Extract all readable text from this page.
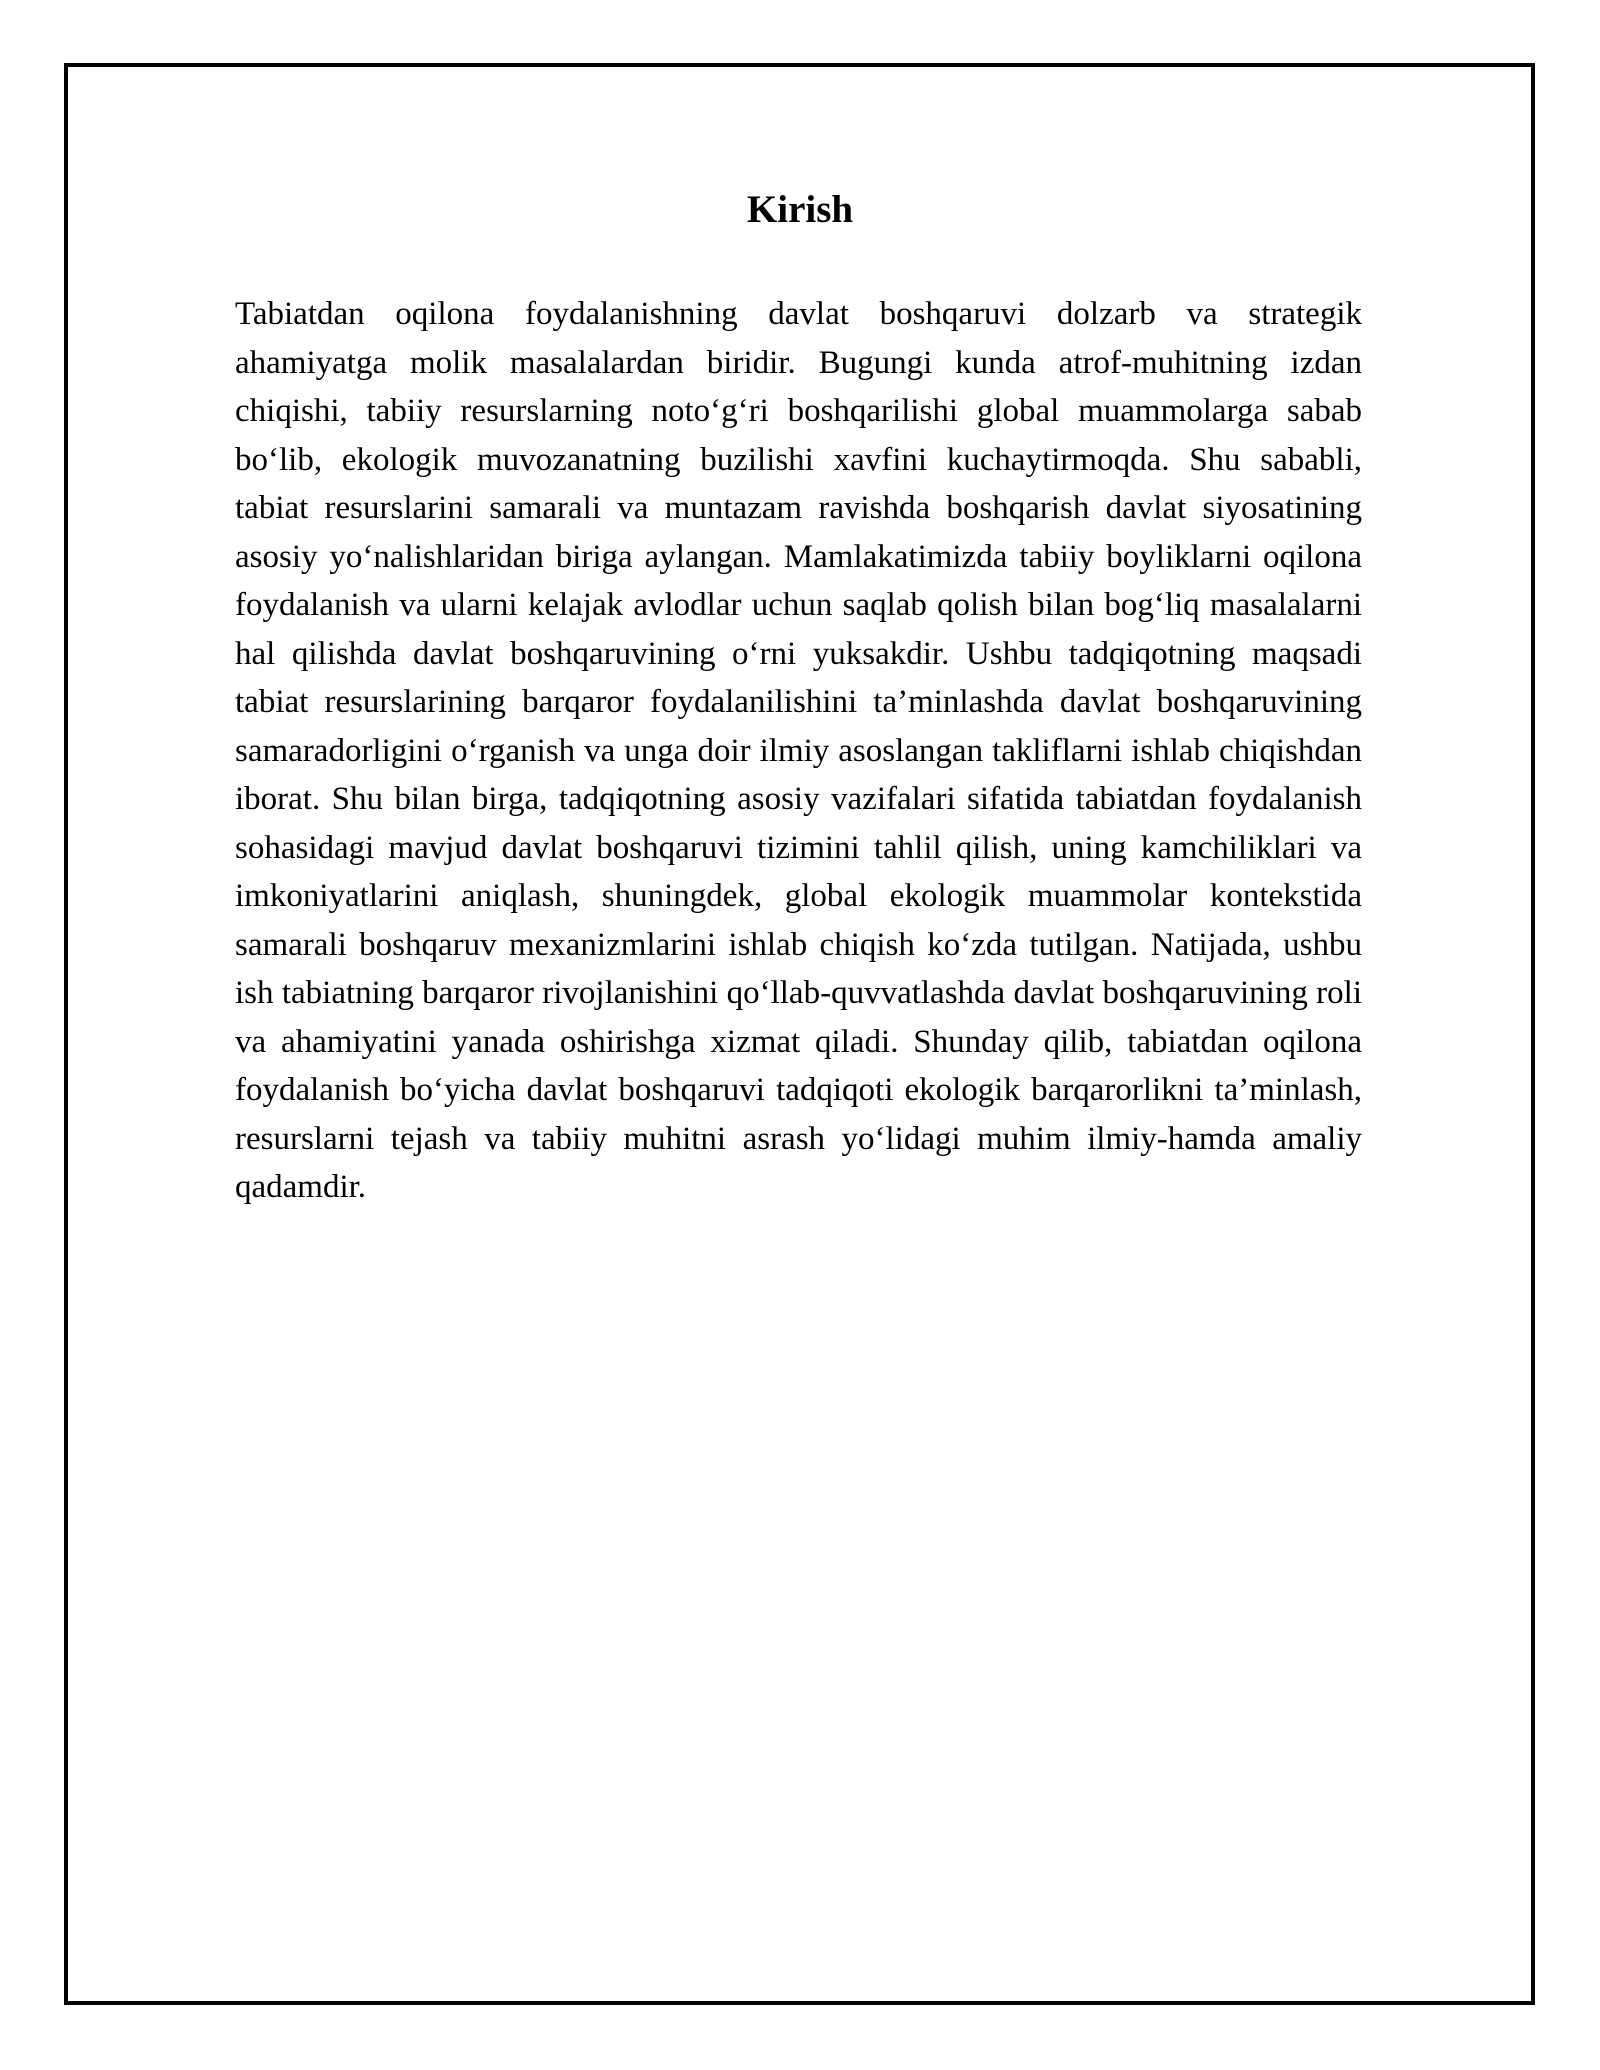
Kirish

Tabiatdan oqilona foydalanishning davlat boshqaruvi dolzarb va strategik ahamiyatga molik masalalardan biridir. Bugungi kunda atrof-muhitning izdan chiqishi, tabiiy resurslarning noto‘g‘ri boshqarilishi global muammolarga sabab bo‘lib, ekologik muvozanatning buzilishi xavfini kuchaytirmoqda. Shu sababli, tabiat resurslarini samarali va muntazam ravishda boshqarish davlat siyosatining asosiy yo‘nalishlaridan biriga aylangan. Mamlakatimizda tabiiy boyliklarni oqilona foydalanish va ularni kelajak avlodlar uchun saqlab qolish bilan bog‘liq masalalarni hal qilishda davlat boshqaruvining o‘rni yuksakdir. Ushbu tadqiqotning maqsadi tabiat resurslarining barqaror foydalanilishini ta’minlashda davlat boshqaruvining samaradorligini o‘rganish va unga doir ilmiy asoslangan takliflarni ishlab chiqishdan iborat. Shu bilan birga, tadqiqotning asosiy vazifalari sifatida tabiatdan foydalanish sohasidagi mavjud davlat boshqaruvi tizimini tahlil qilish, uning kamchiliklari va imkoniyatlarini aniqlash, shuningdek, global ekologik muammolar kontekstida samarali boshqaruv mexanizmlarini ishlab chiqish ko‘zda tutilgan. Natijada, ushbu ish tabiatning barqaror rivojlanishini qo‘llab-quvvatlashda davlat boshqaruvining roli va ahamiyatini yanada oshirishga xizmat qiladi. Shunday qilib, tabiatdan oqilona foydalanish bo‘yicha davlat boshqaruvi tadqiqoti ekologik barqarorlikni ta’minlash, resurslarni tejash va tabiiy muhitni asrash yo‘lidagi muhim ilmiy-hamda amaliy qadamdir.
